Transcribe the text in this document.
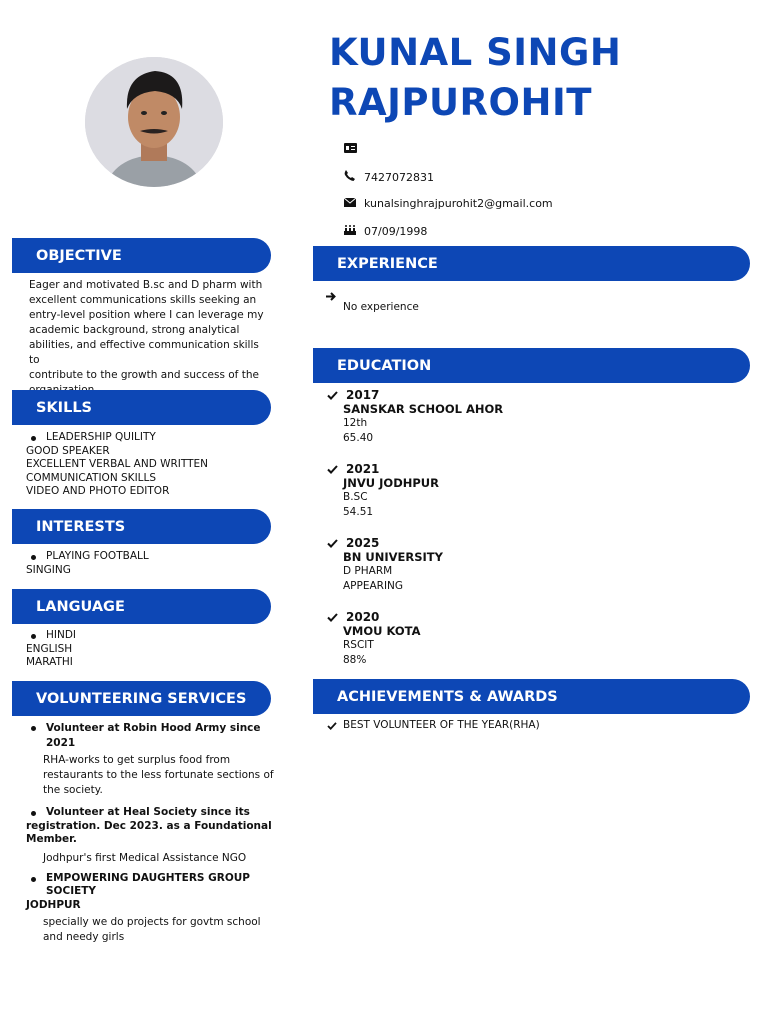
KUNAL SINGH
RAJPUROHIT
7427072831
kunalsinghrajpurohit2@gmail.com
07/09/1998
OBJECTIVE
Eager and motivated B.sc and D pharm with
excellent communications skills seeking an
entry-level position where I can leverage my
academic background, strong analytical
abilities, and effective communication skills to
contribute to the growth and success of the
SKILLS
LEADERSHIP QUILITY
GOOD SPEAKER
EXCELLENT VERBAL AND WRITTEN
COMMUNICATION SKILLS
VIDEO AND PHOTO EDITOR
INTERESTS
PLAYING FOOTBALL
SINGING
LANGUAGE
HINDI
ENGLISH
MARATHI
VOLUNTEERING SERVICES
Volunteer at Robin Hood Army since 2021
RHA-works to get surplus food from
restaurants to the less fortunate sections of
the society.
Volunteer at Heal Society since its
registration. Dec 2023. as a Foundational
Member.
Jodhpur's first Medical Assistance NGO
EMPOWERING DAUGHTERS GROUP SOCIETY
JODHPUR
specially we do projects for govtm school
and needy girls
EXPERIENCE
No experience
EDUCATION
2017
SANSKAR SCHOOL AHOR
12th
65.40
2021
JNVU JODHPUR
B.SC
54.51
2025
BN UNIVERSITY
D PHARM
APPEARING
2020
VMOU KOTA
RSCIT
88%
ACHIEVEMENTS & AWARDS
BEST VOLUNTEER OF THE YEAR(RHA)
